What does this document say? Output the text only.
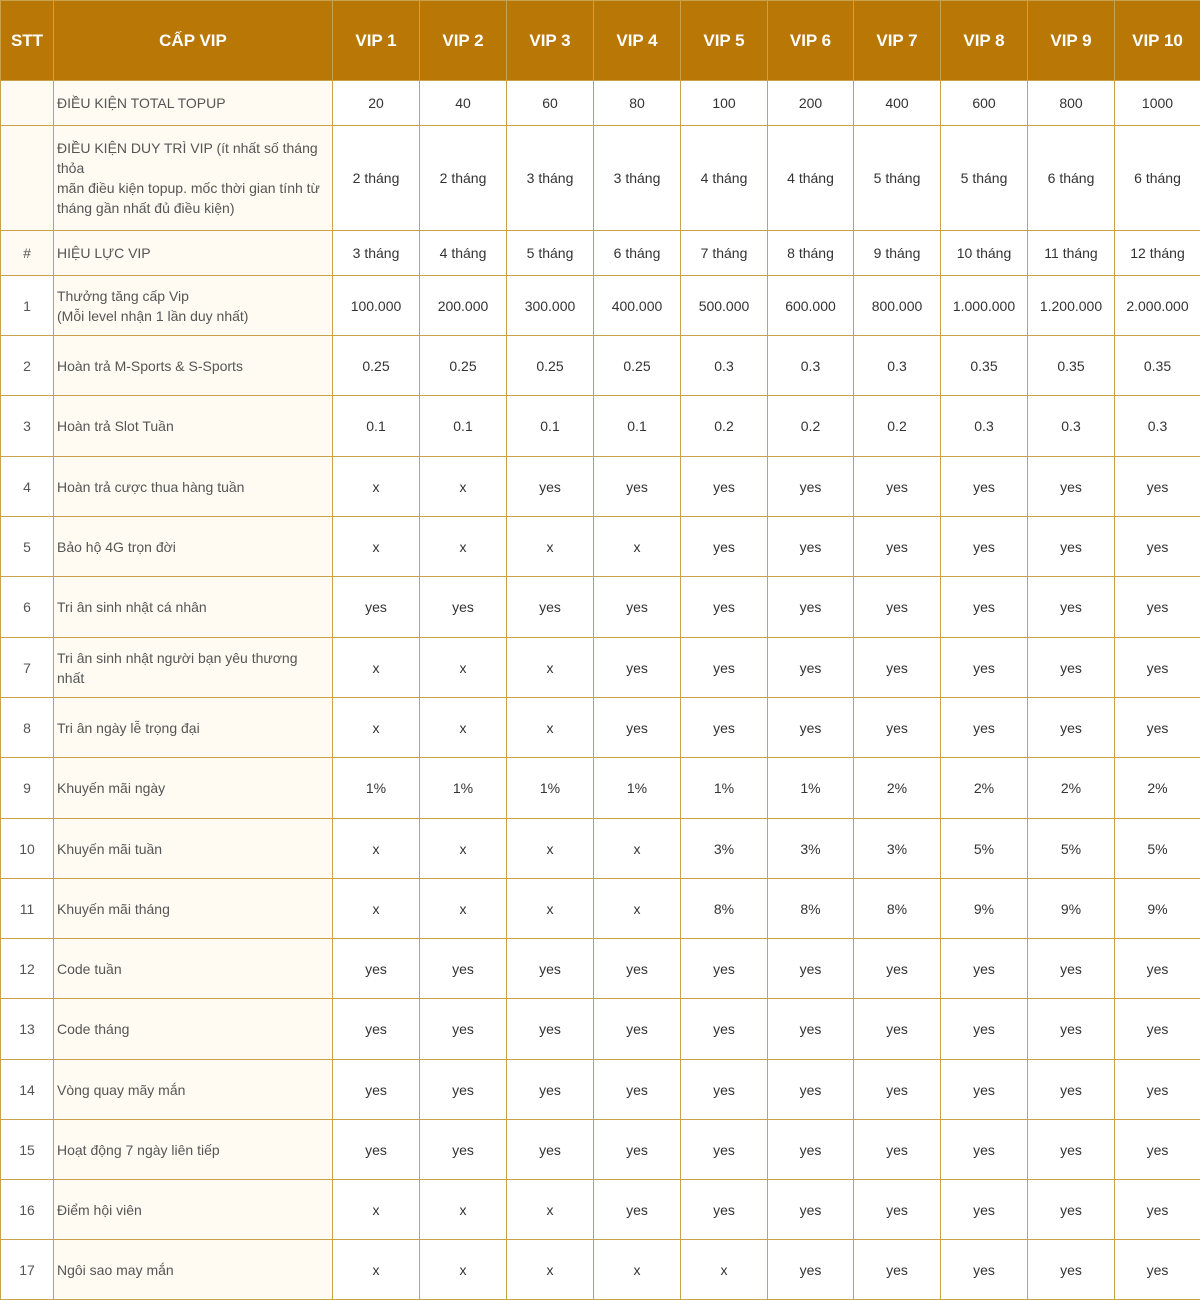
STT	CẤP VIP	VIP 1	VIP 2	VIP 3	VIP 4	VIP 5	VIP 6	VIP 7	VIP 8	VIP 9	VIP 10

	ĐIỀU KIỆN TOTAL TOPUP	20	40	60	80	100	200	400	600	800	1000

	ĐIỀU KIỆN DUY TRÌ VIP (ít nhất số tháng thỏa
mãn điều kiện topup. mốc thời gian tính từ
tháng gần nhất đủ điều kiện)	2 tháng	2 tháng	3 tháng	3 tháng	4 tháng	4 tháng	5 tháng	5 tháng	6 tháng	6 tháng
#	HIỆU LỰC VIP	3 tháng	4 tháng	5 tháng	6 tháng	7 tháng	8 tháng	9 tháng	10 tháng	11 tháng	12 tháng
1	Thưởng tăng cấp Vip
(Mỗi level nhận 1 lần duy nhất)	100.000	200.000	300.000	400.000	500.000	600.000	800.000	1.000.000	1.200.000	2.000.000
2	Hoàn trả M-Sports & S-Sports	0.25	0.25	0.25	0.25	0.3	0.3	0.3	0.35	0.35	0.35
3	Hoàn trả Slot Tuần	0.1	0.1	0.1	0.1	0.2	0.2	0.2	0.3	0.3	0.3
4	Hoàn trả cược thua hàng tuần	x	x	yes	yes	yes	yes	yes	yes	yes	yes
5	Bảo hộ 4G trọn đời	x	x	x	x	yes	yes	yes	yes	yes	yes
6	Tri ân sinh nhật cá nhân	yes	yes	yes	yes	yes	yes	yes	yes	yes	yes
7	Tri ân sinh nhật người bạn yêu thương nhất	x	x	x	yes	yes	yes	yes	yes	yes	yes
8	Tri ân ngày lễ trọng đại	x	x	x	yes	yes	yes	yes	yes	yes	yes
9	Khuyến mãi ngày	1%	1%	1%	1%	1%	1%	2%	2%	2%	2%
10	Khuyến mãi tuần	x	x	x	x	3%	3%	3%	5%	5%	5%
11	Khuyến mãi tháng	x	x	x	x	8%	8%	8%	9%	9%	9%
12	Code tuần	yes	yes	yes	yes	yes	yes	yes	yes	yes	yes
13	Code tháng	yes	yes	yes	yes	yes	yes	yes	yes	yes	yes
14	Vòng quay mãy mắn	yes	yes	yes	yes	yes	yes	yes	yes	yes	yes
15	Hoạt động 7 ngày liên tiếp	yes	yes	yes	yes	yes	yes	yes	yes	yes	yes
16	Điểm hội viên	x	x	x	yes	yes	yes	yes	yes	yes	yes
17	Ngôi sao may mắn	x	x	x	x	x	yes	yes	yes	yes	yes
